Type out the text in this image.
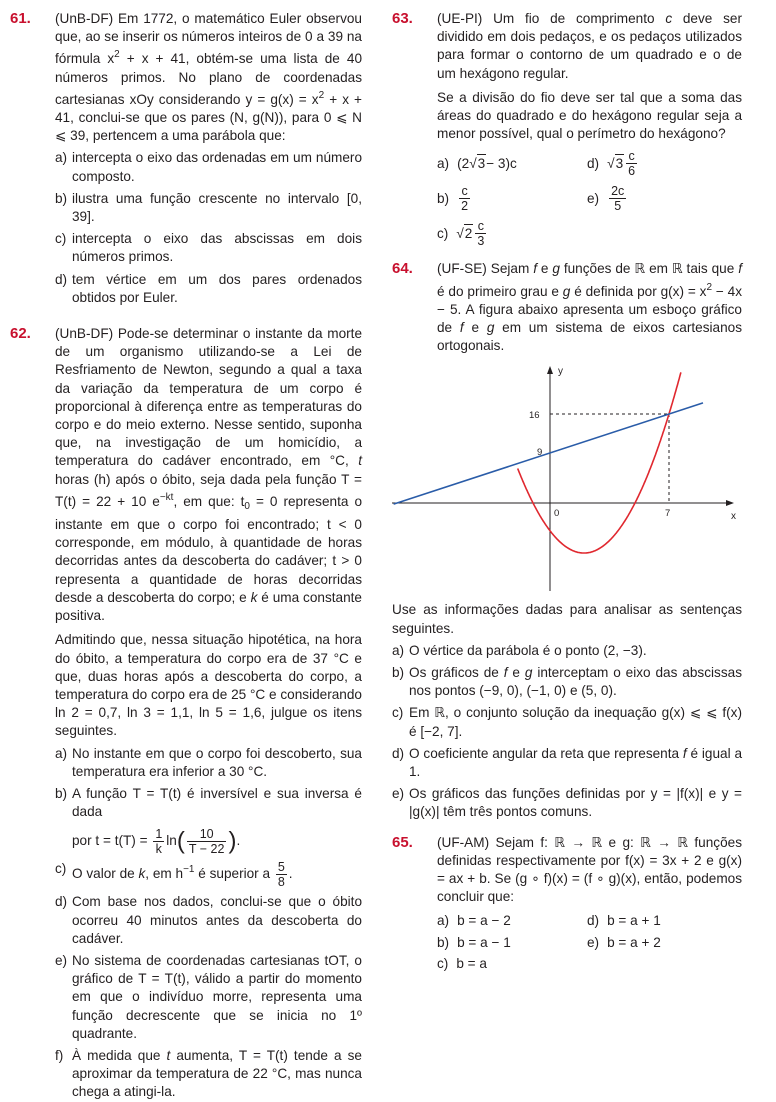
61. (UnB-DF) Em 1772, o matemático Euler observou que, ao se inserir os números inteiros de 0 a 39 na fórmula $x^2 + x + 41$, obtém-se uma lista de 40 números primos. No plano de coordenadas cartesianas xOy considerando $y = g(x) = x^2 + x + 41$, conclui-se que os pares (N, g(N)), para 0 ⩽ N ⩽ 39, pertencem a uma parábola que:

a) intercepta o eixo das ordenadas em um número composto.
b) ilustra uma função crescente no intervalo [0, 39].
c) intercepta o eixo das abscissas em dois números primos.
d) tem vértice em um dos pares ordenados obtidos por Euler.
62. (UnB-DF) Pode-se determinar o instante da morte de um organismo utilizando-se a Lei de Resfriamento de Newton, segundo a qual a taxa da variação da temperatura de um corpo é proporcional à diferença entre as temperaturas do corpo e do meio externo. Nesse sentido, suponha que, na investigação de um homicídio, a temperatura do cadáver encontrado, em °C, t horas (h) após o óbito, seja dada pela função T = T(t) = 22 + 10 $e^{-kt}$, em que: $t_0 = 0$ representa o instante em que o corpo foi encontrado; t < 0 corresponde, em módulo, à quantidade de horas decorridas antes da descoberta do cadáver; t > 0 representa a quantidade de horas decorridas desde a descoberta do corpo; e k é uma constante positiva.

Admitindo que, nessa situação hipotética, na hora do óbito, a temperatura do corpo era de 37 °C e que, duas horas após a descoberta do corpo, a temperatura do corpo era de 25 °C e considerando ln 2 = 0,7, ln 3 = 1,1, ln 5 = 1,6, julgue os itens seguintes.

a) No instante em que o corpo foi descoberto, sua temperatura era inferior a 30 °C.
b) A função T = T(t) é inversível e sua inversa é dada
por $t = t(T) = \frac{1}{k} \ln( \frac{10}{T - 22}$ ).
c) O valor de k, em $h^{-1}$ é superior a $\frac{5}{8}$ .
d) Com base nos dados, conclui-se que o óbito ocorreu 40 minutos antes da descoberta do cadáver.
e) No sistema de coordenadas cartesianas tOT, o gráfico de T = T(t), válido a partir do momento em que o indivíduo morre, representa uma função decrescente que se inicia no 1º quadrante.
f) À medida que t aumenta, T = T(t) tende a se aproximar da temperatura de 22 °C, mas nunca chega a atingi-la.
63. (UE-PI) Um fio de comprimento c deve ser dividido em dois pedaços, e os pedaços utilizados para formar o contorno de um quadrado e o de um hexágono regular.

Se a divisão do fio deve ser tal que a soma das áreas do quadrado e do hexágono regular seja a menor possível, qual o perímetro do hexágono?

a) (2 √ 3 − 3)c	d) √ $3 \frac{c}{6}$
$b) \frac{c}{2}$	$e) \frac{2c}{5}$
c) √ $2 \frac{c}{3}$
64. (UF-SE) Sejam f e g funções de ℝ em ℝ tais que f é do primeiro grau e g é definida por $g(x) = x^2 - 4x - 5$. A figura abaixo apresenta um esboço gráfico de f e g em um sistema de eixos cartesianos ortogonais.

y
x
16
9
0	7

Use as informações dadas para analisar as sentenças seguintes.

a) O vértice da parábola é o ponto (2, −3).
b) Os gráficos de f e g interceptam o eixo das abscissas nos pontos (−9, 0), (−1, 0) e (5, 0).
c) Em ℝ, o conjunto solução da inequação g(x) ⩽ ⩽ f(x) é [−2, 7].
d) O coeficiente angular da reta que representa f é igual a 1.
e) Os gráficos das funções definidas por y = |f(x)| e y = |g(x)| têm três pontos comuns.
65. (UF-AM) Sejam f: ℝ → ℝ e g: ℝ → ℝ funções definidas respectivamente por f(x) = 3x + 2 e g(x) = ax + b. Se (g ∘ f)(x) = (f ∘ g)(x), então, podemos concluir que:

a) b = a − 2	d) b = a + 1
b) b = a − 1	e) b = a + 2
c) b = a
